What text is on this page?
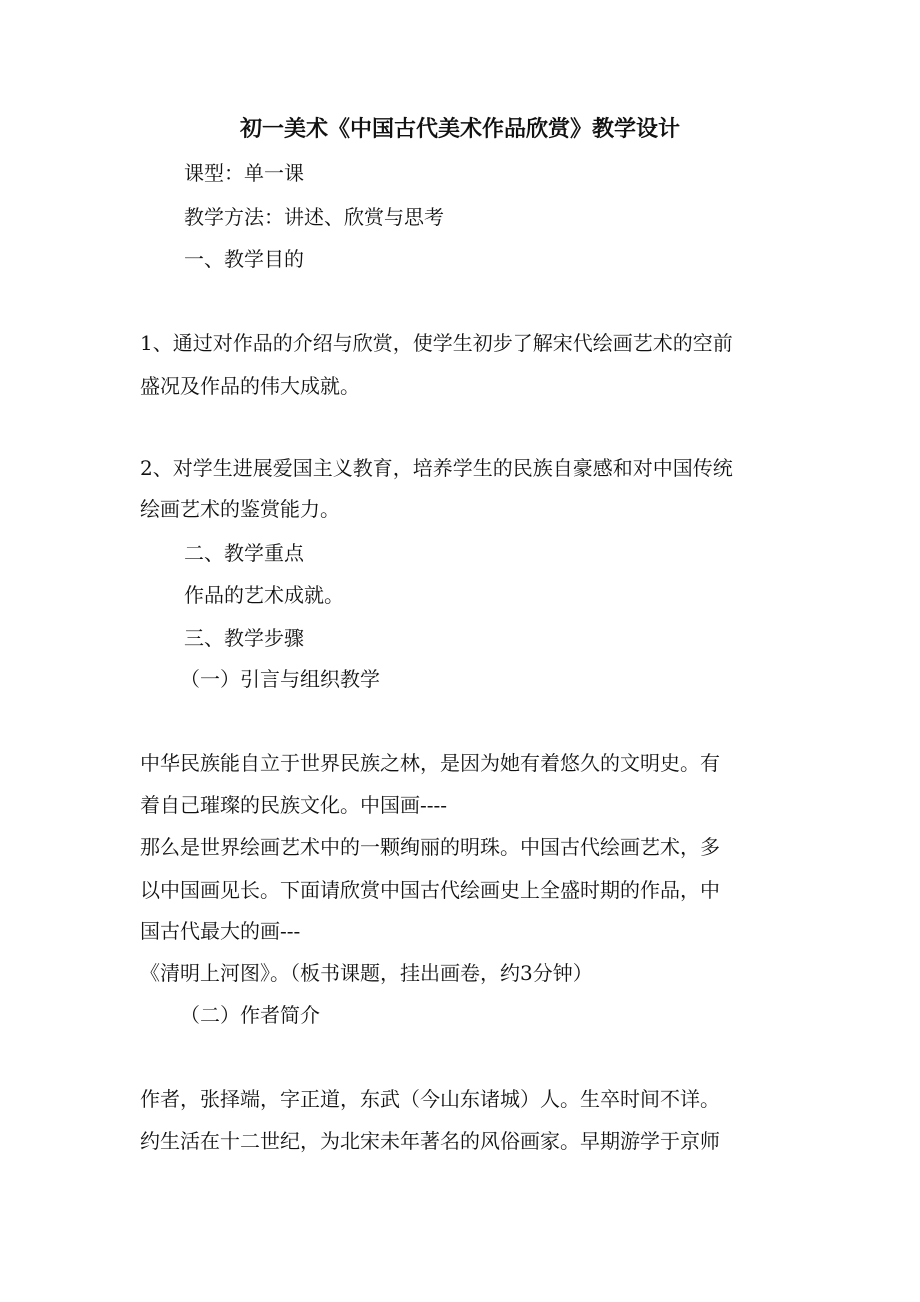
初一美术《中国古代美术作品欣赏》教学设计
课型：单一课
教学方法：讲述、欣赏与思考
一、教学目的
1、通过对作品的介绍与欣赏，使学生初步了解宋代绘画艺术的空前
盛况及作品的伟大成就。
2、对学生进展爱国主义教育，培养学生的民族自豪感和对中国传统
绘画艺术的鉴赏能力。
二、教学重点
作品的艺术成就。
三、教学步骤
（一）引言与组织教学
中华民族能自立于世界民族之林，是因为她有着悠久的文明史。有
着自己璀璨的民族文化。中国画----
那么是世界绘画艺术中的一颗绚丽的明珠。中国古代绘画艺术，多
以中国画见长。下面请欣赏中国古代绘画史上全盛时期的作品，中
国古代最大的画---
《清明上河图》。（板书课题，挂出画卷，约3分钟）
（二）作者简介
作者，张择端，字正道，东武（今山东诸城）人。生卒时间不详。
约生活在十二世纪，为北宋未年著名的风俗画家。早期游学于京师
